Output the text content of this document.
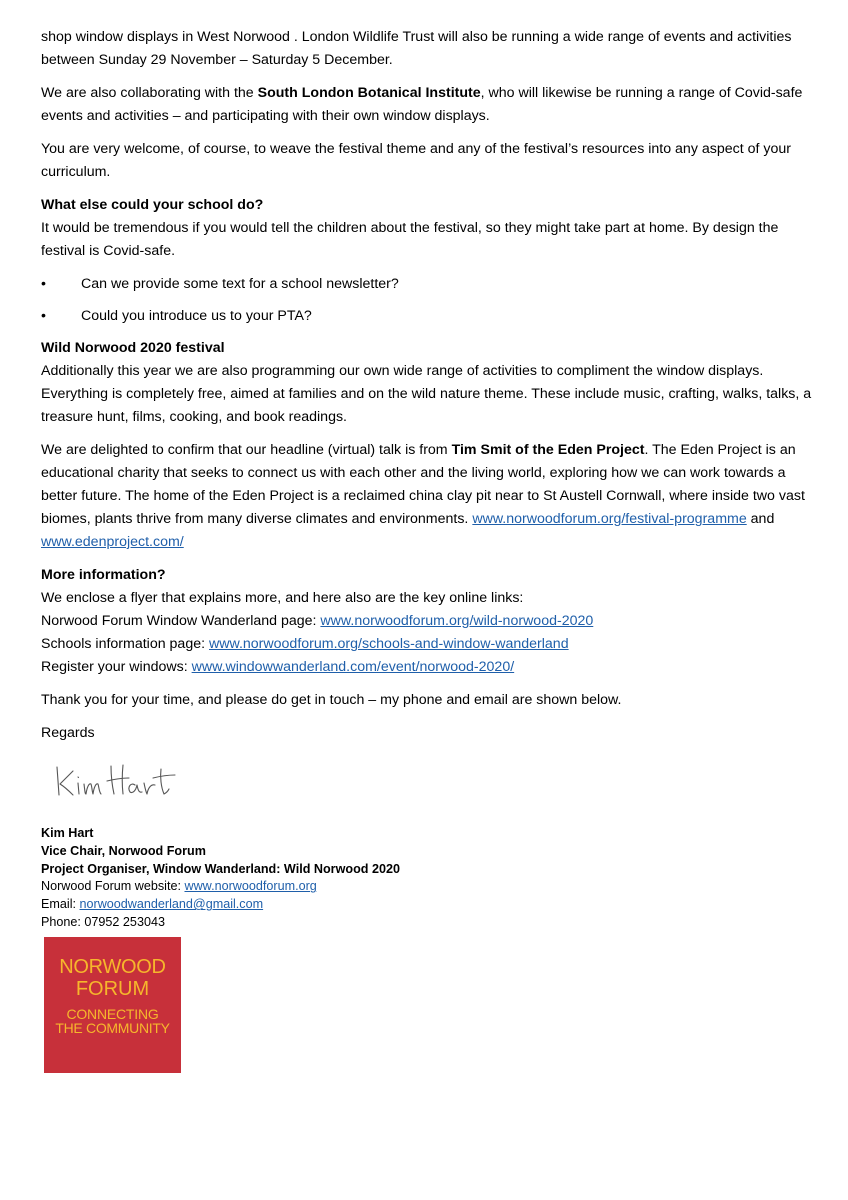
shop window displays in West Norwood . London Wildlife Trust will also be running a wide range of events and activities between Sunday 29 November – Saturday 5 December.

We are also collaborating with the South London Botanical Institute, who will likewise be running a range of Covid-safe events and activities – and participating with their own window displays.

You are very welcome, of course, to weave the festival theme and any of the festival’s resources into any aspect of your curriculum.

What else could your school do?
It would be tremendous if you would tell the children about the festival, so they might take part at home. By design the festival is Covid-safe.
• Can we provide some text for a school newsletter?
• Could you introduce us to your PTA?
Wild Norwood 2020 festival
Additionally this year we are also programming our own wide range of activities to compliment the window displays. Everything is completely free, aimed at families and on the wild nature theme. These include music, crafting, walks, talks, a treasure hunt, films, cooking, and book readings.

We are delighted to confirm that our headline (virtual) talk is from Tim Smit of the Eden Project. The Eden Project is an educational charity that seeks to connect us with each other and the living world, exploring how we can work towards a better future. The home of the Eden Project is a reclaimed china clay pit near to St Austell Cornwall, where inside two vast biomes, plants thrive from many diverse climates and environments. www.norwoodforum.org/festival-programme and www.edenproject.com/

More information?
We enclose a flyer that explains more, and here also are the key online links:
Norwood Forum Window Wanderland page: www.norwoodforum.org/wild-norwood-2020
Schools information page: www.norwoodforum.org/schools-and-window-wanderland
Register your windows: www.windowwanderland.com/event/norwood-2020/

Thank you for your time, and please do get in touch – my phone and email are shown below.

Regards

Kim Hart
Vice Chair, Norwood Forum
Project Organiser, Window Wanderland: Wild Norwood 2020
Norwood Forum website: www.norwoodforum.org
Email: norwoodwanderland@gmail.com
Phone: 07952 253043
NORWOOD
FORUM
CONNECTING
THE COMMUNITY
